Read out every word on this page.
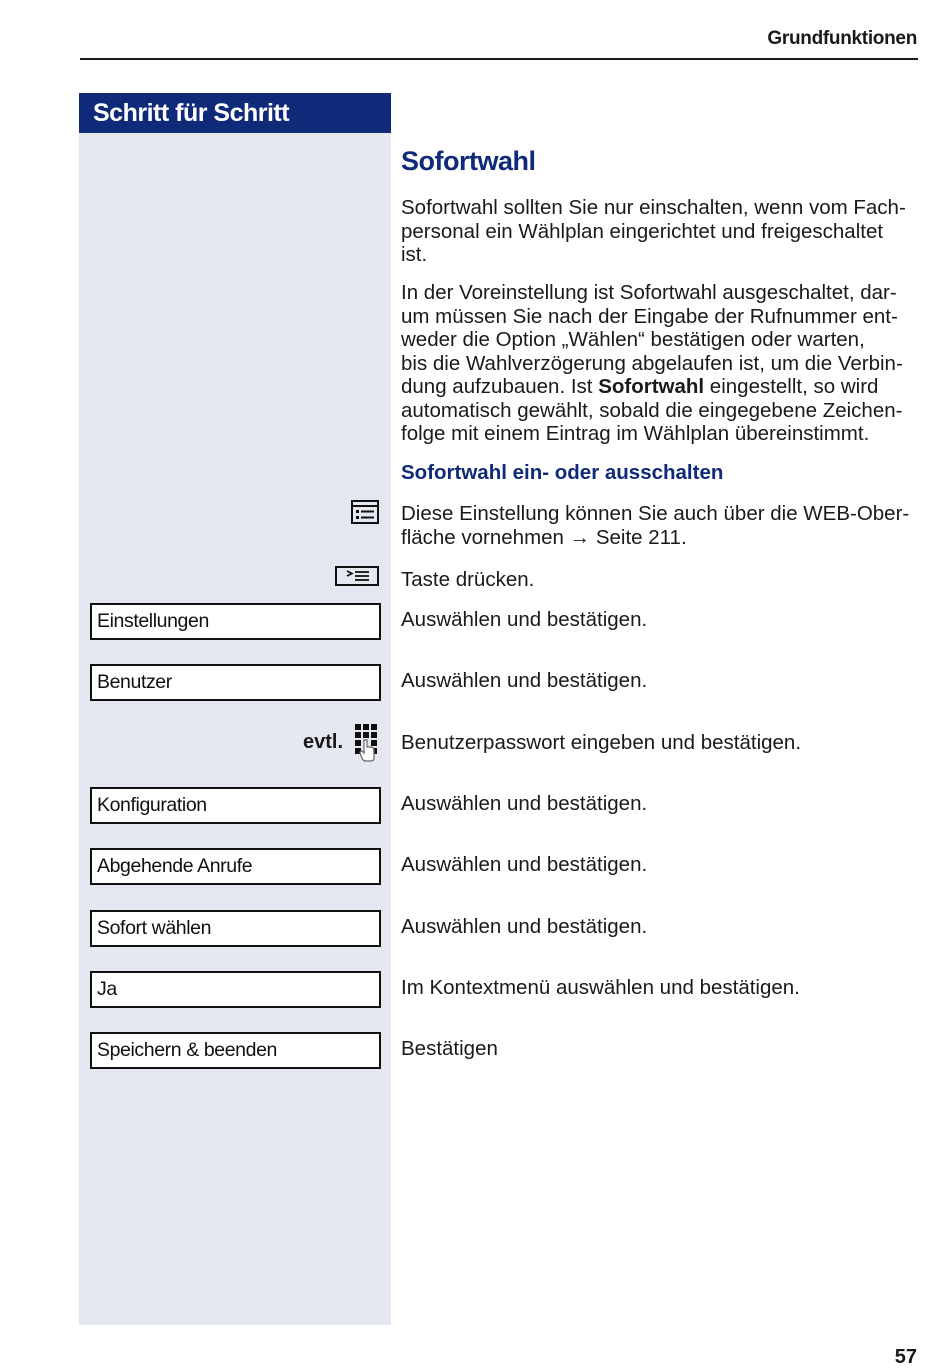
Grundfunktionen
Schritt für Schritt
Sofortwahl
Sofortwahl sollten Sie nur einschalten, wenn vom Fach-
personal ein Wählplan eingerichtet und freigeschaltet
ist.
In der Voreinstellung ist Sofortwahl ausgeschaltet, dar-
um müssen Sie nach der Eingabe der Rufnummer ent-
weder die Option „Wählen“ bestätigen oder warten,
bis die Wahlverzögerung abgelaufen ist, um die Verbin-
dung aufzubauen. Ist Sofortwahl eingestellt, so wird
automatisch gewählt, sobald die eingegebene Zeichen-
folge mit einem Eintrag im Wählplan übereinstimmt.
Sofortwahl ein- oder ausschalten
Diese Einstellung können Sie auch über die WEB-Ober-
fläche vornehmen → Seite 211.
Taste drücken.
Einstellungen	Auswählen und bestätigen.
Benutzer	Auswählen und bestätigen.
evtl.	Benutzerpasswort eingeben und bestätigen.
Konfiguration	Auswählen und bestätigen.
Abgehende Anrufe	Auswählen und bestätigen.
Sofort wählen	Auswählen und bestätigen.
Ja	Im Kontextmenü auswählen und bestätigen.
Speichern & beenden	Bestätigen
57
